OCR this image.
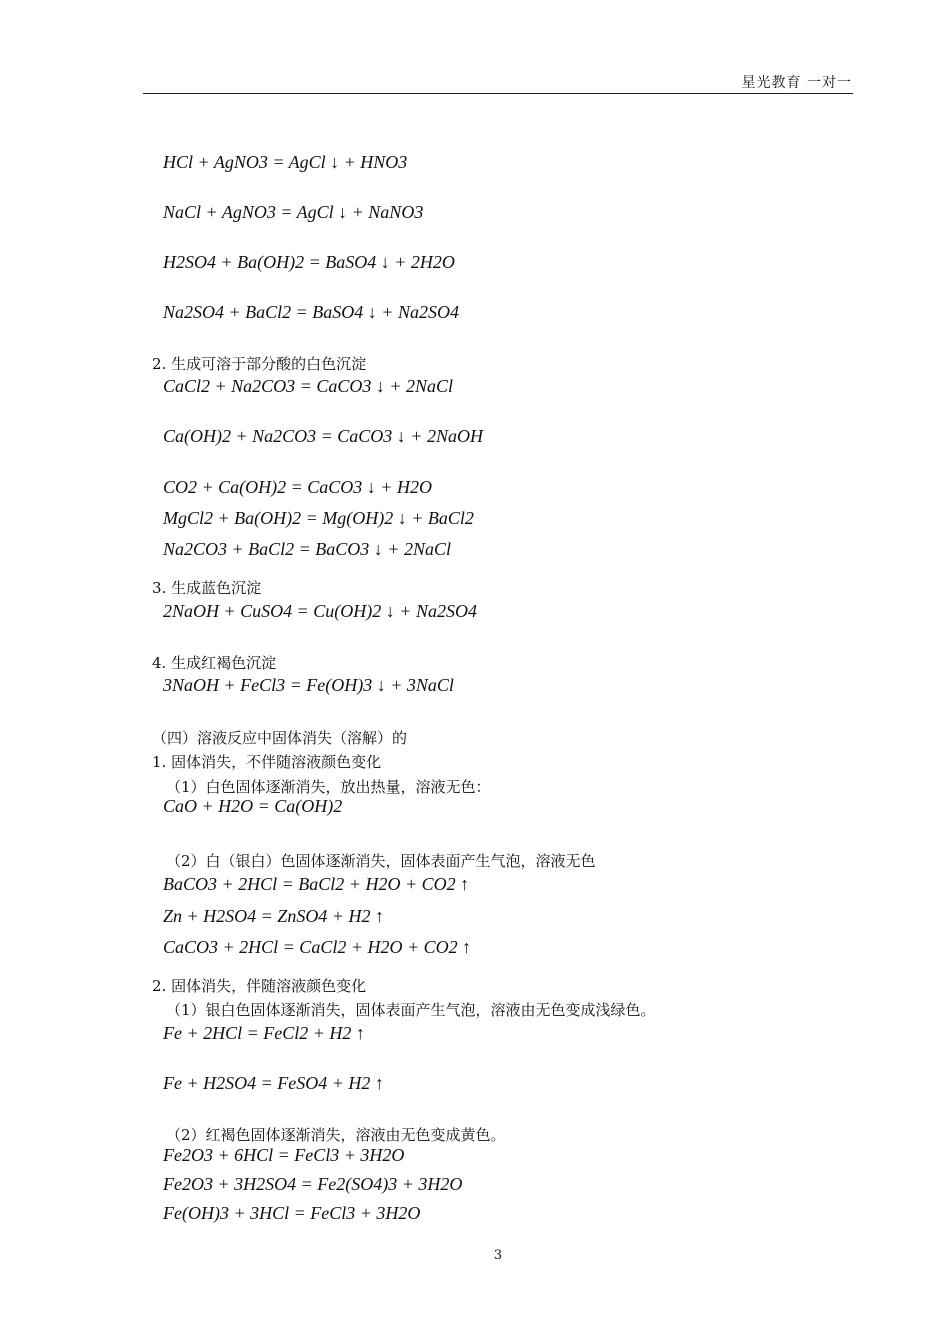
星光教育 一对一
HCl + AgNO3 = AgCl ↓ + HNO3
NaCl + AgNO3 = AgCl ↓ + NaNO3
H2SO4 + Ba(OH)2 = BaSO4 ↓ + 2H2O
Na2SO4 + BaCl2 = BaSO4 ↓ + Na2SO4
CaCl2 + Na2CO3 = CaCO3 ↓ + 2NaCl
Ca(OH)2 + Na2CO3 = CaCO3 ↓ + 2NaOH
CO2 + Ca(OH)2 = CaCO3 ↓ + H2O
MgCl2 + Ba(OH)2 = Mg(OH)2 ↓ + BaCl2
Na2CO3 + BaCl2 = BaCO3 ↓ + 2NaCl
2NaOH + CuSO4 = Cu(OH)2 ↓ + Na2SO4
3NaOH + FeCl3 = Fe(OH)3 ↓ + 3NaCl
CaO + H2O = Ca(OH)2
BaCO3 + 2HCl = BaCl2 + H2O + CO2 ↑
Zn + H2SO4 = ZnSO4 + H2 ↑
CaCO3 + 2HCl = CaCl2 + H2O + CO2 ↑
Fe + 2HCl = FeCl2 + H2 ↑
Fe + H2SO4 = FeSO4 + H2 ↑
Fe2O3 + 6HCl = FeCl3 + 3H2O
Fe2O3 + 3H2SO4 = Fe2(SO4)3 + 3H2O
Fe(OH)3 + 3HCl = FeCl3 + 3H2O
2. 生成可溶于部分酸的白色沉淀
3. 生成蓝色沉淀
4. 生成红褐色沉淀
（四）溶液反应中固体消失（溶解）的
1. 固体消失，不伴随溶液颜色变化
（1）白色固体逐渐消失，放出热量，溶液无色：
（2）白（银白）色固体逐渐消失，固体表面产生气泡，溶液无色
2. 固体消失，伴随溶液颜色变化
（1）银白色固体逐渐消失，固体表面产生气泡，溶液由无色变成浅绿色。
（2）红褐色固体逐渐消失，溶液由无色变成黄色。
3
